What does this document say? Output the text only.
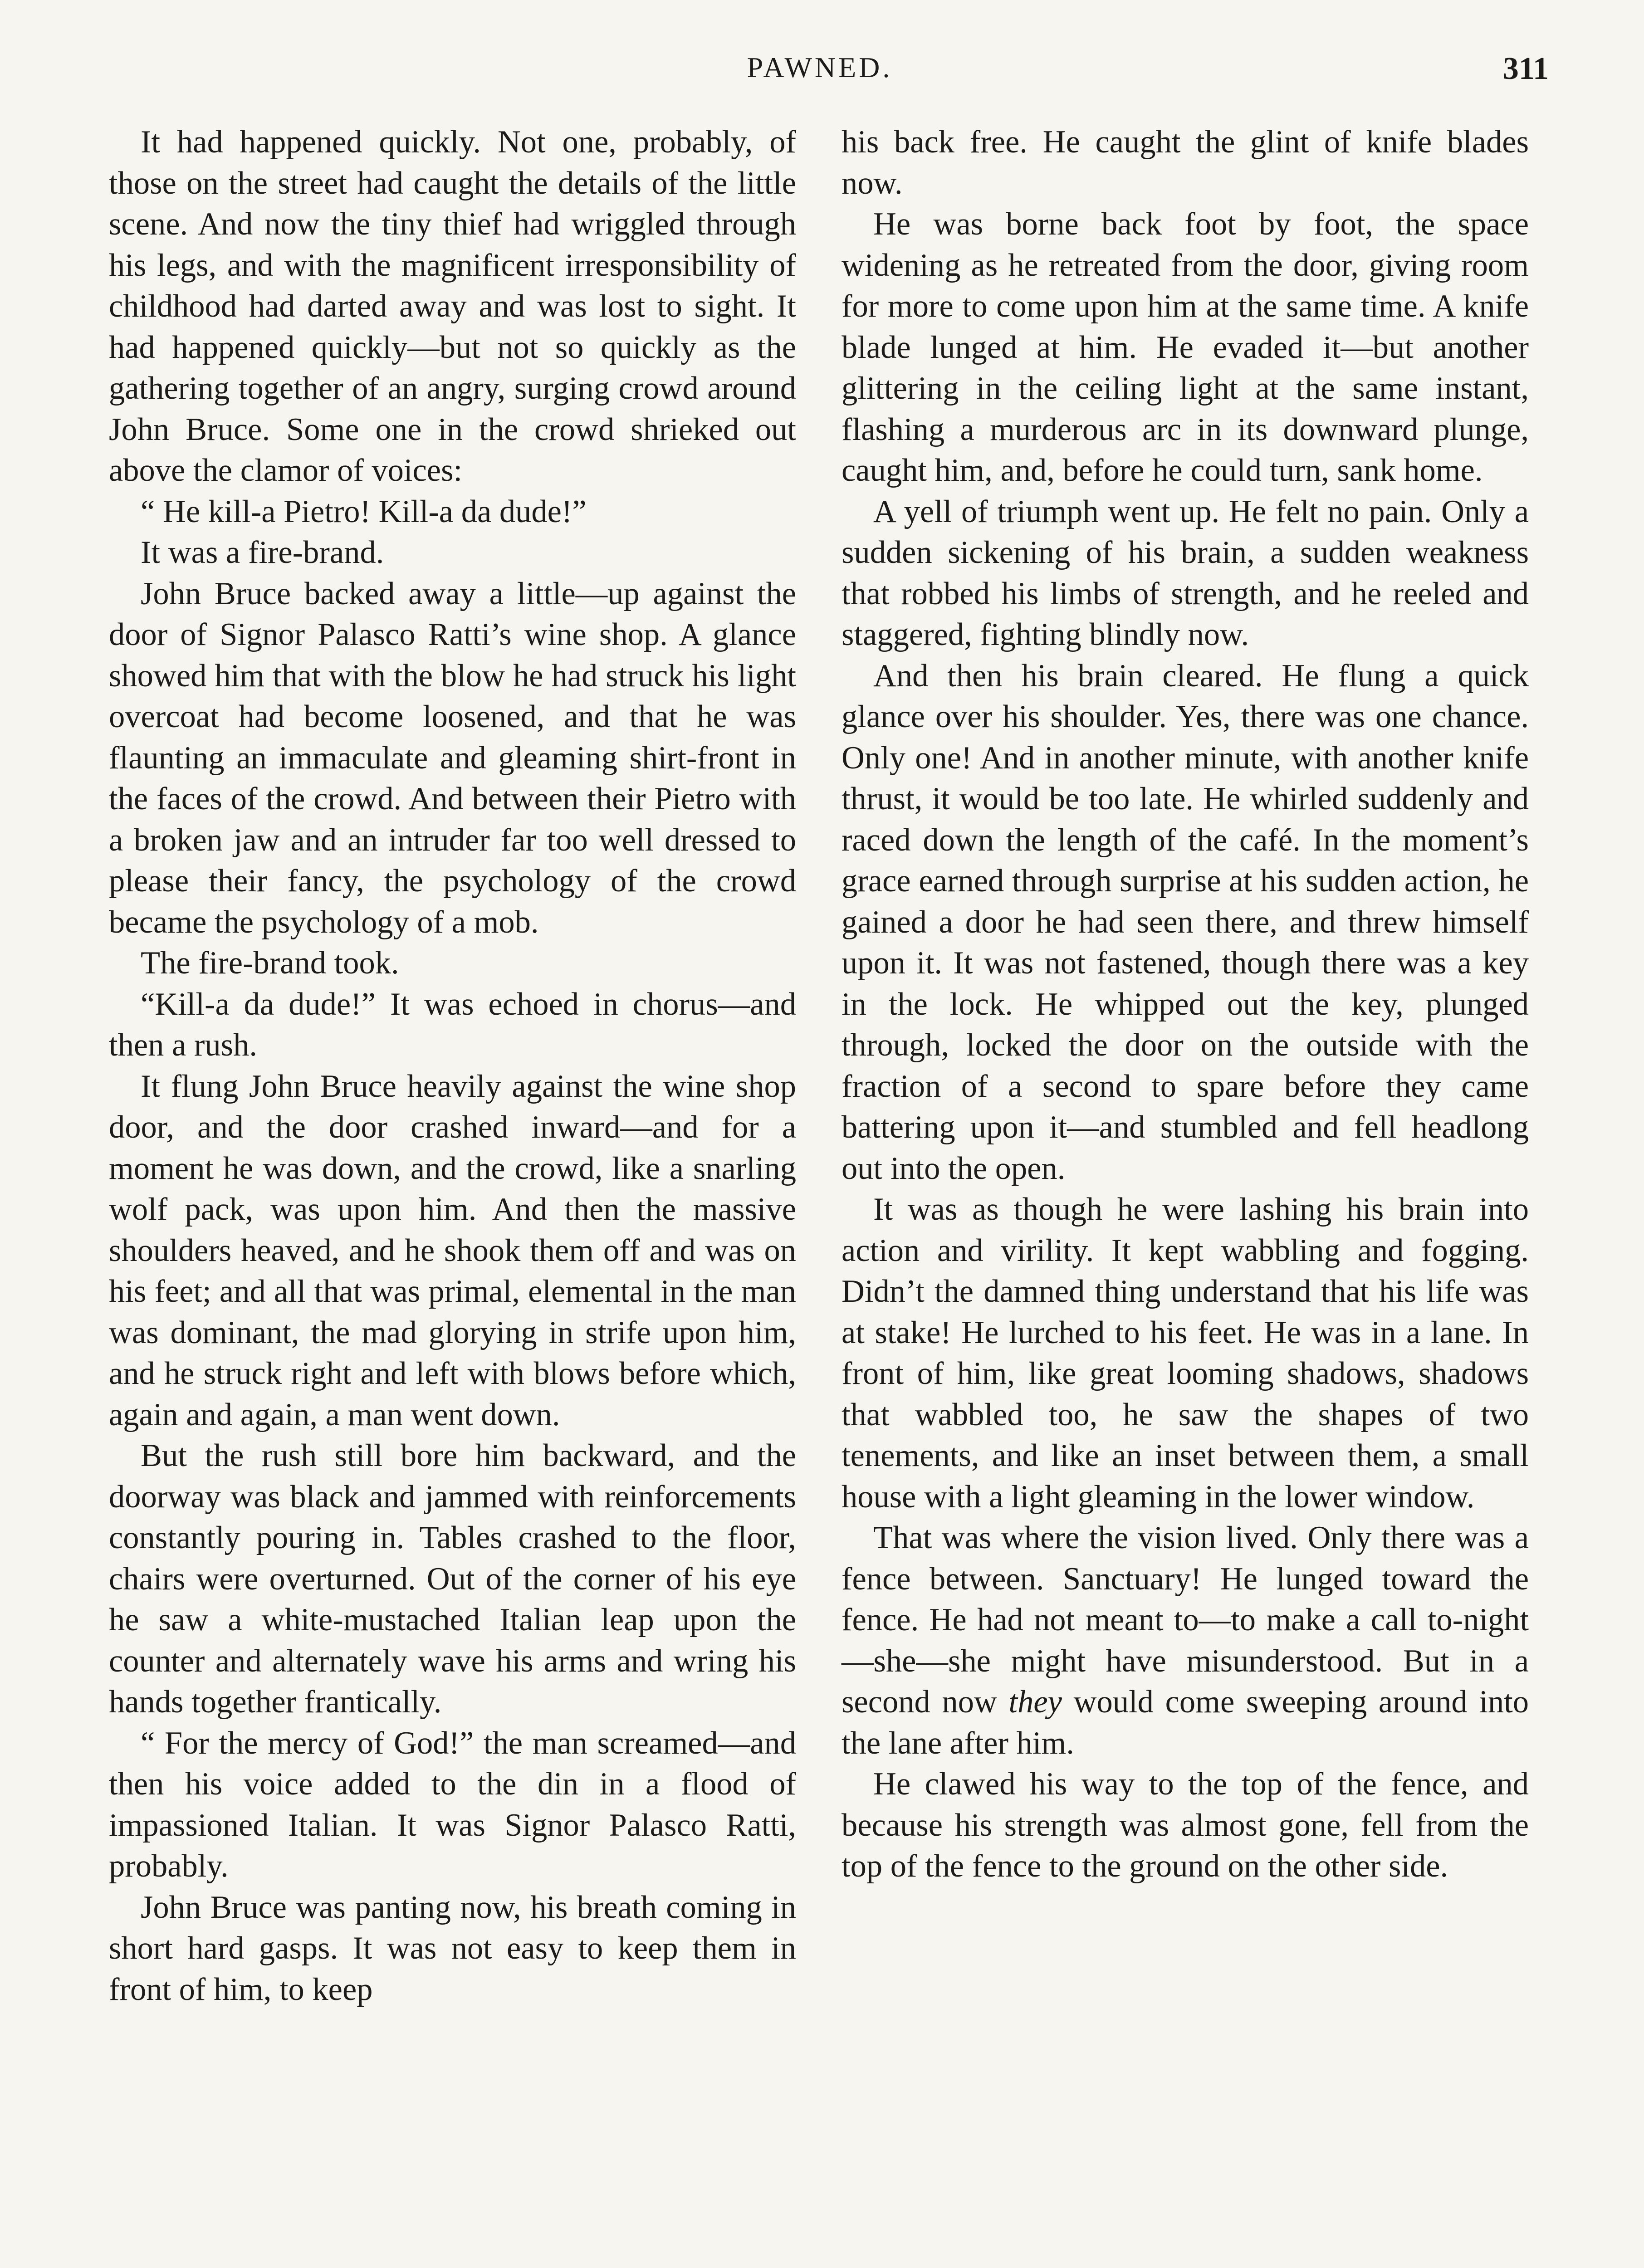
PAWNED.	311

It had happened quickly. Not one, probably, of those on the street had caught the details of the little scene. And now the tiny thief had wriggled through his legs, and with the magnificent irresponsibility of childhood had darted away and was lost to sight. It had happened quickly—but not so quickly as the gathering together of an angry, surging crowd around John Bruce. Some one in the crowd shrieked out above the clamor of voices:

“ He kill-a Pietro! Kill-a da dude!”

It was a fire-brand.

John Bruce backed away a little—up against the door of Signor Palasco Ratti’s wine shop. A glance showed him that with the blow he had struck his light overcoat had become loosened, and that he was flaunting an immaculate and gleaming shirt-front in the faces of the crowd. And between their Pietro with a broken jaw and an intruder far too well dressed to please their fancy, the psychology of the crowd became the psychology of a mob.

The fire-brand took.

“Kill-a da dude!” It was echoed in chorus—and then a rush.

It flung John Bruce heavily against the wine shop door, and the door crashed inward—and for a moment he was down, and the crowd, like a snarling wolf pack, was upon him. And then the massive shoulders heaved, and he shook them off and was on his feet; and all that was primal, elemental in the man was dominant, the mad glorying in strife upon him, and he struck right and left with blows before which, again and again, a man went down.

But the rush still bore him backward, and the doorway was black and jammed with reinforcements constantly pouring in. Tables crashed to the floor, chairs were overturned. Out of the corner of his eye he saw a white-mustached Italian leap upon the counter and alternately wave his arms and wring his hands together frantically.

“ For the mercy of God!” the man screamed—and then his voice added to the din in a flood of impassioned Italian. It was Signor Palasco Ratti, probably.

John Bruce was panting now, his breath coming in short hard gasps. It was not easy to keep them in front of him, to keep

his back free. He caught the glint of knife blades now.

He was borne back foot by foot, the space widening as he retreated from the door, giving room for more to come upon him at the same time. A knife blade lunged at him. He evaded it—but another glittering in the ceiling light at the same instant, flashing a murderous arc in its downward plunge, caught him, and, before he could turn, sank home.

A yell of triumph went up. He felt no pain. Only a sudden sickening of his brain, a sudden weakness that robbed his limbs of strength, and he reeled and staggered, fighting blindly now.

And then his brain cleared. He flung a quick glance over his shoulder. Yes, there was one chance. Only one! And in another minute, with another knife thrust, it would be too late. He whirled suddenly and raced down the length of the café. In the moment’s grace earned through surprise at his sudden action, he gained a door he had seen there, and threw himself upon it. It was not fastened, though there was a key in the lock. He whipped out the key, plunged through, locked the door on the outside with the fraction of a second to spare before they came battering upon it—and stumbled and fell headlong out into the open.

It was as though he were lashing his brain into action and virility. It kept wabbling and fogging. Didn’t the damned thing understand that his life was at stake! He lurched to his feet. He was in a lane. In front of him, like great looming shadows, shadows that wabbled too, he saw the shapes of two tenements, and like an inset between them, a small house with a light gleaming in the lower window.

That was where the vision lived. Only there was a fence between. Sanctuary! He lunged toward the fence. He had not meant to—to make a call to-night—she—she might have misunderstood. But in a second now they would come sweeping around into the lane after him.

He clawed his way to the top of the fence, and because his strength was almost gone, fell from the top of the fence to the ground on the other side.
